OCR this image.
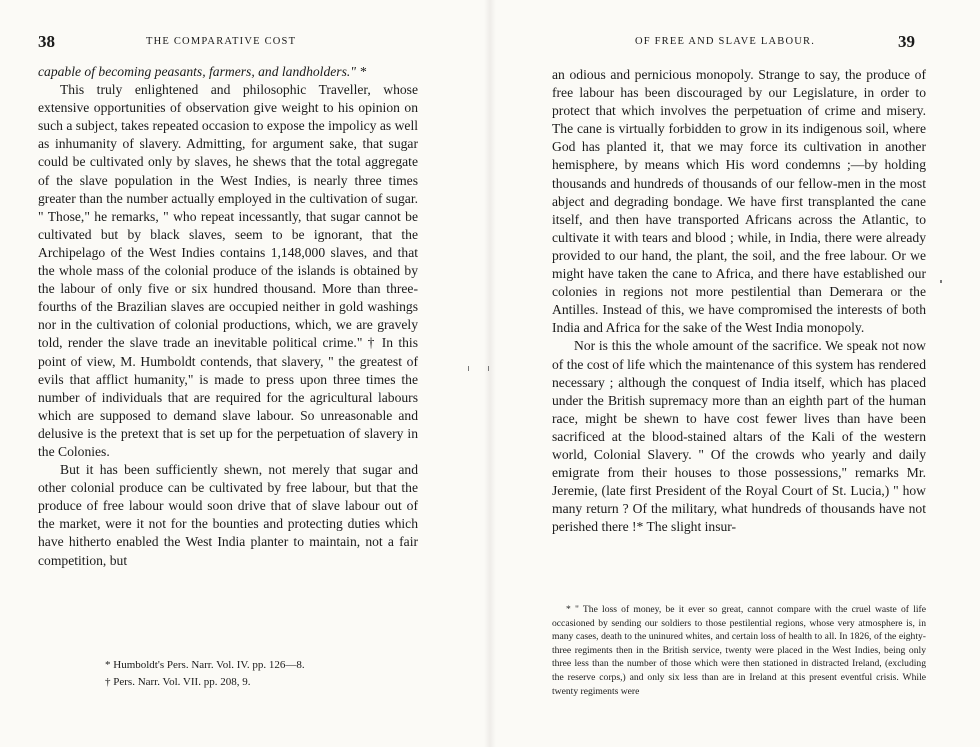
38	THE COMPARATIVE COST

capable of becoming peasants, farmers, and landholders." *

This truly enlightened and philosophic Traveller, whose extensive opportunities of observation give weight to his opinion on such a subject, takes repeated occasion to expose the impolicy as well as inhumanity of slavery. Admitting, for argument sake, that sugar could be cultivated only by slaves, he shews that the total aggregate of the slave population in the West Indies, is nearly three times greater than the number actually employed in the cultivation of sugar. " Those," he remarks, " who repeat incessantly, that sugar cannot be cultivated but by black slaves, seem to be ignorant, that the Archipelago of the West Indies contains 1,148,000 slaves, and that the whole mass of the colonial produce of the islands is obtained by the labour of only five or six hundred thousand. More than three-fourths of the Brazilian slaves are occupied neither in gold washings nor in the cultivation of colonial productions, which, we are gravely told, render the slave trade an inevitable political crime." † In this point of view, M. Humboldt contends, that slavery, " the greatest of evils that afflict humanity," is made to press upon three times the number of individuals that are required for the agricultural labours which are supposed to demand slave labour. So unreasonable and delusive is the pretext that is set up for the perpetuation of slavery in the Colonies.

But it has been sufficiently shewn, not merely that sugar and other colonial produce can be cultivated by free labour, but that the produce of free labour would soon drive that of slave labour out of the market, were it not for the bounties and protecting duties which have hitherto enabled the West India planter to maintain, not a fair competition, but

* Humboldt's Pers. Narr. Vol. IV. pp. 126—8.
† Pers. Narr. Vol. VII. pp. 208, 9.
OF FREE AND SLAVE LABOUR.	39

an odious and pernicious monopoly. Strange to say, the produce of free labour has been discouraged by our Legislature, in order to protect that which involves the perpetuation of crime and misery. The cane is virtually forbidden to grow in its indigenous soil, where God has planted it, that we may force its cultivation in another hemisphere, by means which His word condemns ;—by holding thousands and hundreds of thousands of our fellow-men in the most abject and degrading bondage. We have first transplanted the cane itself, and then have transported Africans across the Atlantic, to cultivate it with tears and blood ; while, in India, there were already provided to our hand, the plant, the soil, and the free labour. Or we might have taken the cane to Africa, and there have established our colonies in regions not more pestilential than Demerara or the Antilles. Instead of this, we have compromised the interests of both India and Africa for the sake of the West India monopoly.

Nor is this the whole amount of the sacrifice. We speak not now of the cost of life which the maintenance of this system has rendered necessary ; although the conquest of India itself, which has placed under the British supremacy more than an eighth part of the human race, might be shewn to have cost fewer lives than have been sacrificed at the blood-stained altars of the Kali of the western world, Colonial Slavery. " Of the crowds who yearly and daily emigrate from their houses to those possessions," remarks Mr. Jeremie, (late first President of the Royal Court of St. Lucia,) " how many return ? Of the military, what hundreds of thousands have not perished there !* The slight insur-

* " The loss of money, be it ever so great, cannot compare with the cruel waste of life occasioned by sending our soldiers to those pestilential regions, whose very atmosphere is, in many cases, death to the uninured whites, and certain loss of health to all. In 1826, of the eighty-three regiments then in the British service, twenty were placed in the West Indies, being only three less than the number of those which were then stationed in distracted Ireland, (excluding the reserve corps,) and only six less than are in Ireland at this present eventful crisis. While twenty regiments were
